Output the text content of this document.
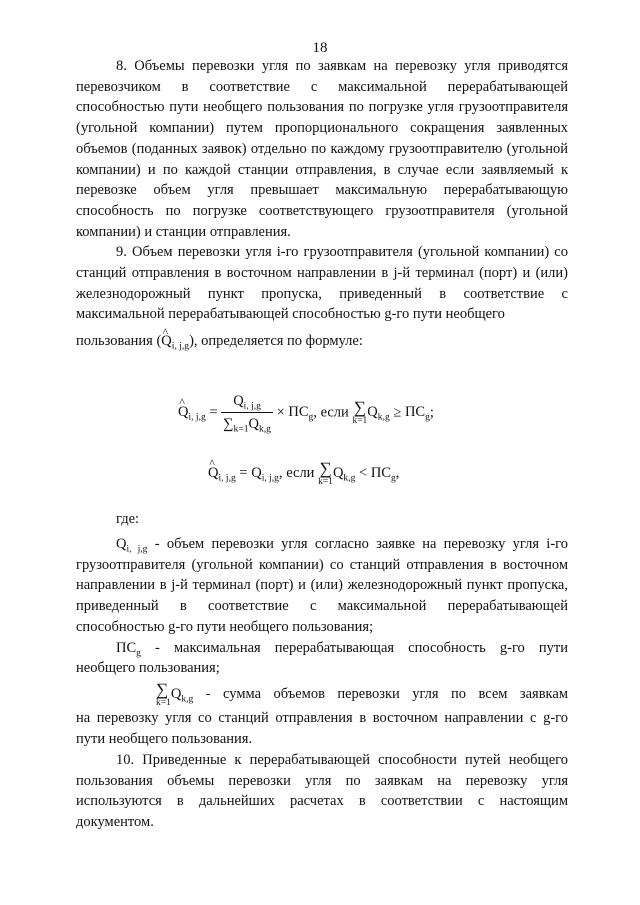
18

8. Объемы перевозки угля по заявкам на перевозку угля приводятся перевозчиком в соответствие с максимальной перерабатывающей способностью пути необщего пользования по погрузке угля грузоотправителя (угольной компании) путем пропорционального сокращения заявленных объемов (поданных заявок) отдельно по каждому грузоотправителю (угольной компании) и по каждой станции отправления, в случае если заявляемый к перевозке объем угля превышает максимальную перерабатывающую способность по погрузке соответствующего грузоотправителя (угольной компании) и станции отправления.

9. Объем перевозки угля i-го грузоотправителя (угольной компании) со станций отправления в восточном направлении в j-й терминал (порт) и (или) железнодорожный пункт пропуска, приведенный в соответствие с максимальной перерабатывающей способностью g-го пути необщего

пользования (^ $Q_{i, j,g}$), определяется по формуле:

^ $Q_{i, j,g} = \frac{Q_{i, j,g}}{\sum_{k=1}Q_{k,g}} \times ПС_g$, если ∑
k=1
$Q_{k,g} \ge ПС_g$;
^ $Q_{i, j,g} = Q_{i, j,g}$, если ∑
k=1
$Q_{k,g} < ПС_g$,
где:

$Q_{i, j,g}$ - объем перевозки угля согласно заявке на перевозку угля i-го грузоотправителя (угольной компании) со станций отправления в восточном направлении в j-й терминал (порт) и (или) железнодорожный пункт пропуска, приведенный в соответствие с максимальной перерабатывающей способностью g-го пути необщего пользования;

$ПС_g$ - максимальная перерабатывающая способность g-го пути необщего пользования;

∑
k=1
$Q_{k,g}$ - сумма объемов перевозки угля по всем заявкам

на перевозку угля со станций отправления в восточном направлении с g-го пути необщего пользования.

10. Приведенные к перерабатывающей способности путей необщего пользования объемы перевозки угля по заявкам на перевозку угля используются в дальнейших расчетах в соответствии с настоящим документом.
